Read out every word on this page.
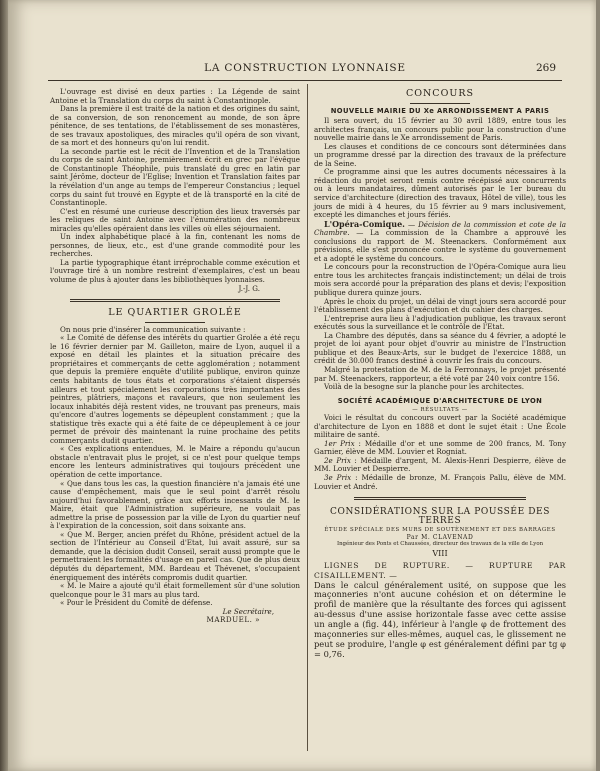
LA CONSTRUCTION LYONNAISE	269

L'ouvrage est divisé en deux parties : La Légende de saint Antoine et la Translation du corps du saint à Constantinople.

Dans la première il est traité de la nation et des origines du saint, de sa conversion, de son renoncement au monde, de son âpre pénitence, de ses tentations, de l'établissement de ses monastères, de ses travaux apostoliques, des miracles qu'il opéra de son vivant, de sa mort et des honneurs qu'on lui rendit.

La seconde partie est le récit de l'Invention et de la Translation du corps de saint Antoine, premièrement écrit en grec par l'évêque de Constantinople Théophile, puis translaté du grec en latin par saint Jérôme, docteur de l'Eglise; Invention et Translation faites par la révélation d'un ange au temps de l'empereur Constancius ; lequel corps du saint fut trouvé en Egypte et de là transporté en la cité de Constantinople.

C'est en résumé une curieuse description des lieux traversés par les reliques de saint Antoine avec l'énumération des nombreux miracles qu'elles opéraient dans les villes où elles séjournaient.

Un index alphabétique placé à la fin, contenant les noms de personnes, de lieux, etc., est d'une grande commodité pour les recherches.

La partie typographique étant irréprochable comme exécution et l'ouvrage tiré à un nombre restreint d'exemplaires, c'est un beau volume de plus à ajouter dans les bibliothèques lyonnaises.

J.-J. G.

LE QUARTIER GROLÉE

On nous prie d'insérer la communication suivante :

« Le Comité de défense des intérêts du quartier Grolée a été reçu le 16 février dernier par M. Gailleton, maire de Lyon, auquel il a exposé en détail les plaintes et la situation précaire des propriétaires et commerçants de cette agglomération ; notamment que depuis la première enquête d'utilité publique, environ quinze cents habitants de tous états et corporations s'étaient dispersés ailleurs et tout spécialement les corporations très importantes des peintres, plâtriers, maçons et ravaleurs, que non seulement les locaux inhabités déjà restent vides, ne trouvant pas preneurs, mais qu'encore d'autres logements se dépeuplent constamment ; que la statistique très exacte qui a été faite de ce dépeuplement à ce jour permet de prévoir dès maintenant la ruine prochaine des petits commerçants dudit quartier.

« Ces explications entendues, M. le Maire a répondu qu'aucun obstacle n'entravait plus le projet, si ce n'est pour quelque temps encore les lenteurs administratives qui toujours précèdent une opération de cette importance.

« Que dans tous les cas, la question financière n'a jamais été une cause d'empêchement, mais que le seul point d'arrêt résolu aujourd'hui favorablement, grâce aux efforts incessants de M. le Maire, était que l'Administration supérieure, ne voulait pas admettre la prise de possession par la ville de Lyon du quartier neuf à l'expiration de la concession, soit dans soixante ans.

« Que M. Berger, ancien préfet du Rhône, président actuel de la section de l'Intérieur au Conseil d'Etat, lui avait assuré, sur sa demande, que la décision dudit Conseil, serait aussi prompte que le permettraient les formalités d'usage en pareil cas. Que de plus deux députés du département, MM. Bardeau et Thévenet, s'occupaient énergiquement des intérêts compromis dudit quartier.

« M. le Maire a ajouté qu'il était formellement sûr d'une solution quelconque pour le 31 mars au plus tard.

« Pour le Président du Comité de défense.

Le Secrétaire,

MARDUEL. »

CONCOURS
NOUVELLE MAIRIE DU Xe ARRONDISSEMENT A PARIS

Il sera ouvert, du 15 février au 30 avril 1889, entre tous les architectes français, un concours public pour la construction d'une nouvelle mairie dans le Xe arrondissement de Paris.

Les clauses et conditions de ce concours sont déterminées dans un programme dressé par la direction des travaux de la préfecture de la Seine.

Ce programme ainsi que les autres documents nécessaires à la rédaction du projet seront remis contre récépissé aux concurrents ou à leurs mandataires, dûment autorisés par le 1er bureau du service d'architecture (direction des travaux, Hôtel de ville), tous les jours de midi à 4 heures, du 15 février au 9 mars inclusivement, excepté les dimanches et jours fériés.

L'Opéra-Comique. — Décision de la commission et cote de la Chambre. — La commission de la Chambre a approuvé les conclusions du rapport de M. Steenackers. Conformément aux prévisions, elle s'est prononcée contre le système du gouvernement et a adopté le système du concours.

Le concours pour la reconstruction de l'Opéra-Comique aura lieu entre tous les architectes français indistinctement; un délai de trois mois sera accordé pour la préparation des plans et devis; l'exposition publique durera quinze jours.

Après le choix du projet, un délai de vingt jours sera accordé pour l'établissement des plans d'exécution et du cahier des charges.

L'entreprise aura lieu à l'adjudication publique, les travaux seront exécutés sous la surveillance et le contrôle de l'Etat.

La Chambre des députés, dans sa séance du 4 février, a adopté le projet de loi ayant pour objet d'ouvrir au ministre de l'Instruction publique et des Beaux-Arts, sur le budget de l'exercice 1888, un crédit de 30.000 francs destiné à couvrir les frais du concours.

Malgré la protestation de M. de la Ferronnays, le projet présenté par M. Steenackers, rapporteur, a été voté par 240 voix contre 156.

Voilà de la besogne sur la planche pour les architectes.

SOCIÉTÉ ACADÉMIQUE D'ARCHITECTURE DE LYON
— RÉSULTATS —

Voici le résultat du concours ouvert par la Société académique d'architecture de Lyon en 1888 et dont le sujet était : Une École militaire de santé.

1er Prix : Médaille d'or et une somme de 200 francs, M. Tony Garnier, élève de MM. Louvier et Rogniat.

2e Prix : Médaille d'argent, M. Alexis-Henri Despierre, élève de MM. Louvier et Despierre.

3e Prix : Médaille de bronze, M. François Pallu, élève de MM. Louvier et André.

CONSIDÉRATIONS SUR LA POUSSÉE DES TERRES
ÉTUDE SPÉCIALE DES MURS DE SOUTÈNEMENT ET DES BARRAGES
Par M. CLAVENAD
Ingénieur des Ponts et Chaussées, directeur des travaux de la ville de Lyon
VIII

LIGNES DE RUPTURE. — RUPTURE PAR CISAILLEMENT. —

Dans le calcul généralement usité, on suppose que les maçonneries n'ont aucune cohésion et on détermine le profil de manière que la résultante des forces qui agissent au-dessus d'une assise horizontale fasse avec cette assise un angle a (fig. 44), inférieur à l'angle φ de frottement des maçonneries sur elles-mêmes, auquel cas, le glissement ne peut se produire, l'angle φ est généralement défini par tg φ = 0,76.
